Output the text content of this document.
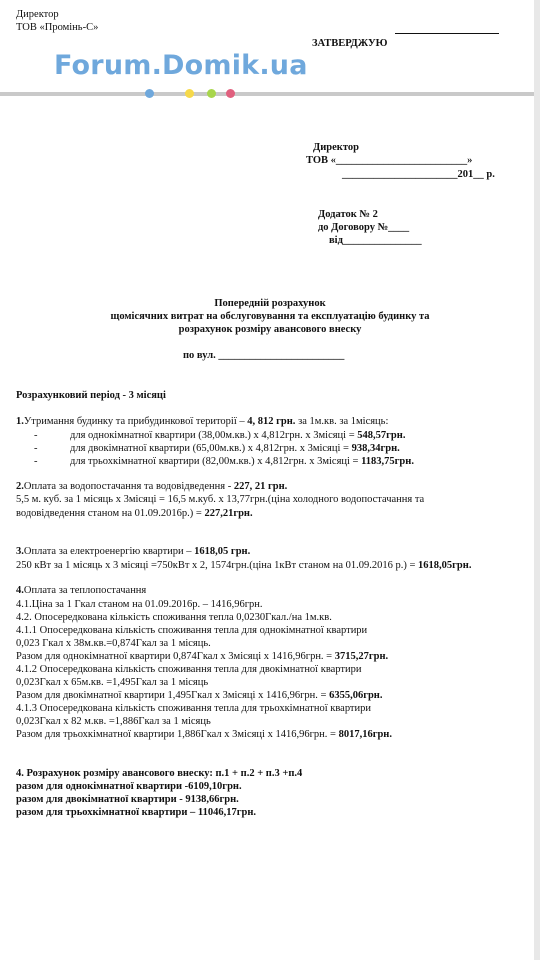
Директор
ТОВ «Промінь-С»
ЗАТВЕРДЖУЮ
Forum.Domik.ua
Директор
ТОВ «_________________________»
______________________201__ р.
Додаток № 2
до Договору №____
від_______________
Попередній розрахунок
щомісячних витрат на обслуговування та експлуатацію будинку та
розрахунок розміру авансового внеску
по вул. ________________________
Розрахунковий період - 3 місяці
1.Утримання будинку та прибудинкової території – 4, 812 грн. за 1м.кв. за 1місяць:
-	для однокімнатної квартири (38,00м.кв.) х 4,812грн. х 3місяці = 548,57грн.
-	для двокімнатної квартири (65,00м.кв.) х 4,812грн. х 3місяці = 938,34грн.
-	для трьохкімнатної квартири (82,00м.кв.) х 4,812грн. х 3місяці = 1183,75грн.
2.Оплата за водопостачання та водовідведення - 227, 21 грн.
5,5 м. куб. за 1 місяць х 3місяці = 16,5 м.куб. х 13,77грн.(ціна холодного водопостачання та
водовідведення станом на 01.09.2016р.) = 227,21грн.
3.Оплата за електроенергію квартири – 1618,05 грн.
250 кВт за 1 місяць х 3 місяці =750кВт х 2, 1574грн.(ціна 1кВт станом на 01.09.2016 р.) = 1618,05грн.
4.Оплата за теплопостачання
4.1.Ціна за 1 Гкал станом на 01.09.2016р. – 1416,96грн.
4.2. Опосередкована кількість споживання тепла 0,0230Гкал./на 1м.кв.
4.1.1 Опосередкована кількість споживання тепла для однокімнатної квартири
0,023 Гкал х 38м.кв.=0,874Гкал за 1 місяць.
Разом для однокімнатної квартири 0,874Гкал х 3місяці х 1416,96грн. = 3715,27грн.
4.1.2 Опосередкована кількість споживання тепла для двокімнатної квартири
0,023Гкал х 65м.кв. =1,495Гкал за 1 місяць
Разом для двокімнатної квартири 1,495Гкал х 3місяці х 1416,96грн. = 6355,06грн.
4.1.3 Опосередкована кількість споживання тепла для трьохкімнатної квартири
0,023Гкал х 82 м.кв. =1,886Гкал за 1 місяць
Разом для трьохкімнатної квартири 1,886Гкал х 3місяці х 1416,96грн. = 8017,16грн.
4. Розрахунок розміру авансового внеску: п.1 + п.2 + п.3 +п.4
разом для однокімнатної квартири -6109,10грн.
разом для двокімнатної квартири - 9138,66грн.
разом для трьохкімнатної квартири – 11046,17грн.
